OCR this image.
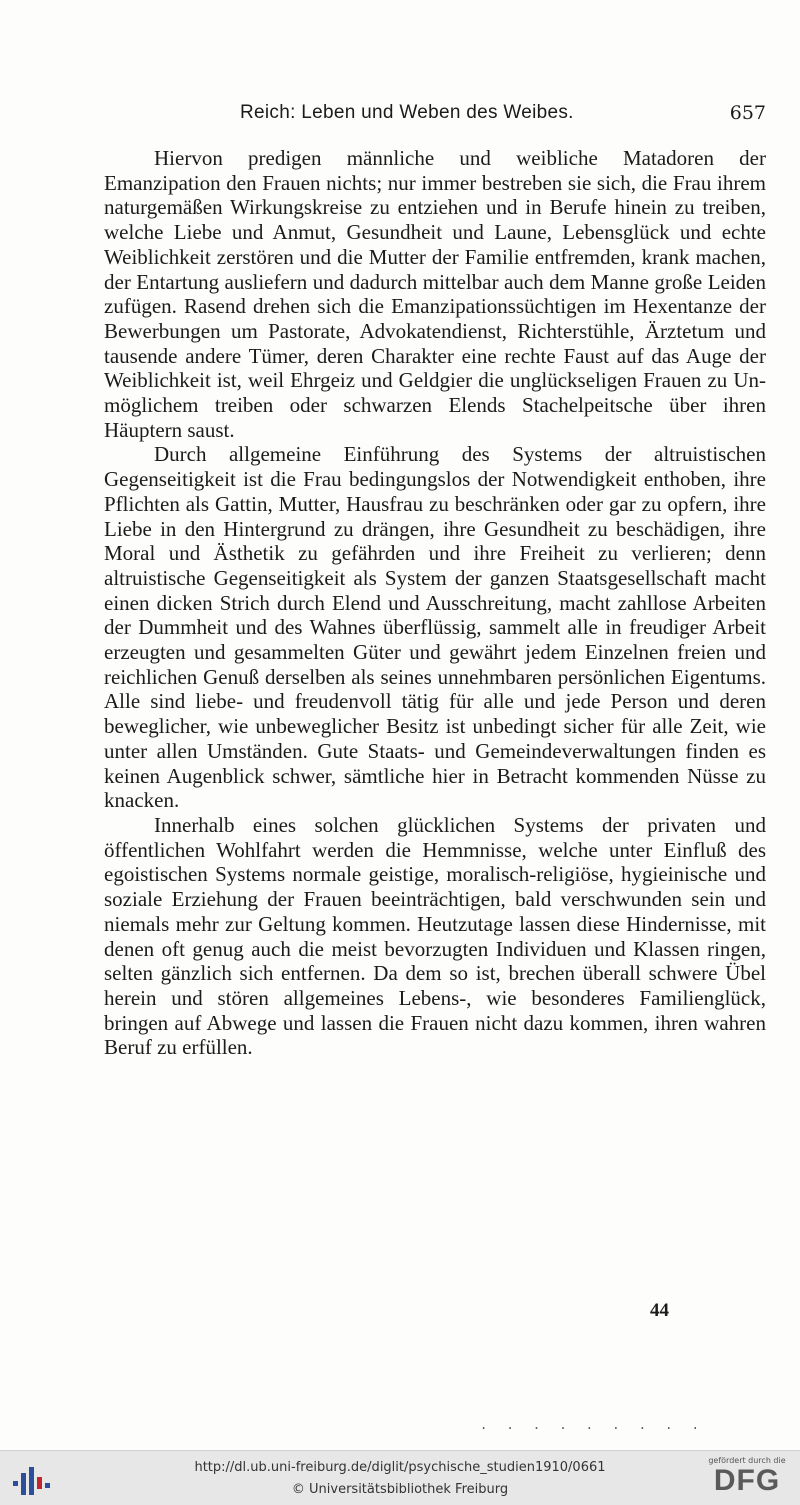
Reich: Leben und Weben des Weibes.	657

Hiervon predigen männliche und weibliche Matadoren der Emanzipation den Frauen nichts; nur immer bestreben sie sich, die Frau ihrem naturgemäßen Wirkungskreise zu entziehen und in Berufe hinein zu treiben, welche Liebe und Anmut, Gesundheit und Laune, Lebensglück und echte Weiblichkeit zerstören und die Mutter der Familie entfremden, krank machen, der Entartung ausliefern und dadurch mittelbar auch dem Manne große Leiden zufügen. Rasend drehen sich die Emanzipationssüchtigen im Hexentanze der Bewerbungen um Pastorate, Advokatendienst, Richterstühle, Ärztetum und tausende andere Tümer, deren Charakter eine rechte Faust auf das Auge der Weiblichkeit ist, weil Ehrgeiz und Geldgier die unglückseligen Frauen zu Unmöglichem treiben oder schwarzen Elends Stachelpeitsche über ihren Häuptern saust.

Durch allgemeine Einführung des Systems der altruistischen Gegenseitigkeit ist die Frau bedingungslos der Notwendigkeit enthoben, ihre Pflichten als Gattin, Mutter, Hausfrau zu beschränken oder gar zu opfern, ihre Liebe in den Hintergrund zu drängen, ihre Gesundheit zu beschädigen, ihre Moral und Ästhetik zu gefährden und ihre Freiheit zu verlieren; denn altruistische Gegenseitigkeit als System der ganzen Staatsgesellschaft macht einen dicken Strich durch Elend und Ausschreitung, macht zahllose Arbeiten der Dummheit und des Wahnes überflüssig, sammelt alle in freudiger Arbeit erzeugten und gesammelten Güter und gewährt jedem Einzelnen freien und reichlichen Genuß derselben als seines unnehmbaren persönlichen Eigentums. Alle sind liebe- und freudenvoll tätig für alle und jede Person und deren beweglicher, wie unbeweglicher Besitz ist unbedingt sicher für alle Zeit, wie unter allen Umständen. Gute Staats- und Gemeindeverwaltungen finden es keinen Augenblick schwer, sämtliche hier in Betracht kommenden Nüsse zu knacken.

Innerhalb eines solchen glücklichen Systems der privaten und öffentlichen Wohlfahrt werden die Hemmnisse, welche unter Einfluß des egoistischen Systems normale geistige, moralisch-religiöse, hygieinische und soziale Erziehung der Frauen beeinträchtigen, bald verschwunden sein und niemals mehr zur Geltung kommen. Heutzutage lassen diese Hindernisse, mit denen oft genug auch die meist bevorzugten Individuen und Klassen ringen, selten gänzlich sich entfernen. Da dem so ist, brechen überall schwere Übel herein und stören allgemeines Lebens-, wie besonderes Familienglück, bringen auf Abwege und lassen die Frauen nicht dazu kommen, ihren wahren Beruf zu erfüllen.

44
. . . . . . . . .
http://dl.ub.uni-freiburg.de/diglit/psychische_studien1910/0661
© Universitätsbibliothek Freiburg
gefördert durch die
DFG
